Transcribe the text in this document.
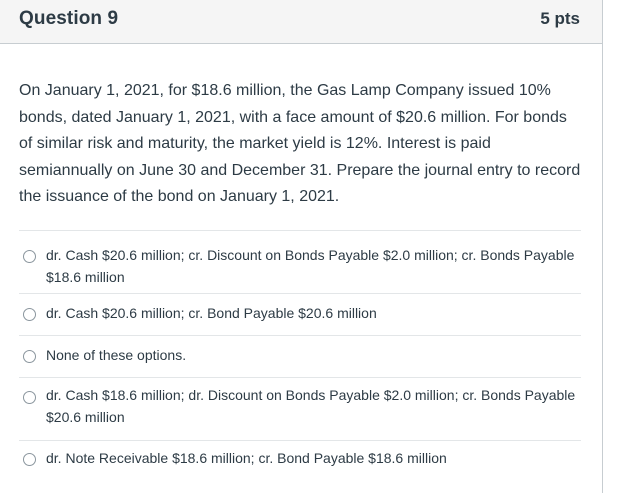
Question 9	5 pts
On January 1, 2021, for $18.6 million, the Gas Lamp Company issued 10% bonds, dated January 1, 2021, with a face amount of $20.6 million. For bonds of similar risk and maturity, the market yield is 12%. Interest is paid semiannually on June 30 and December 31. Prepare the journal entry to record the issuance of the bond on January 1, 2021.
dr. Cash $20.6 million; cr. Discount on Bonds Payable $2.0 million; cr. Bonds Payable $18.6 million
dr. Cash $20.6 million; cr. Bond Payable $20.6 million
None of these options.
dr. Cash $18.6 million; dr. Discount on Bonds Payable $2.0 million; cr. Bonds Payable $20.6 million
dr. Note Receivable $18.6 million; cr. Bond Payable $18.6 million
